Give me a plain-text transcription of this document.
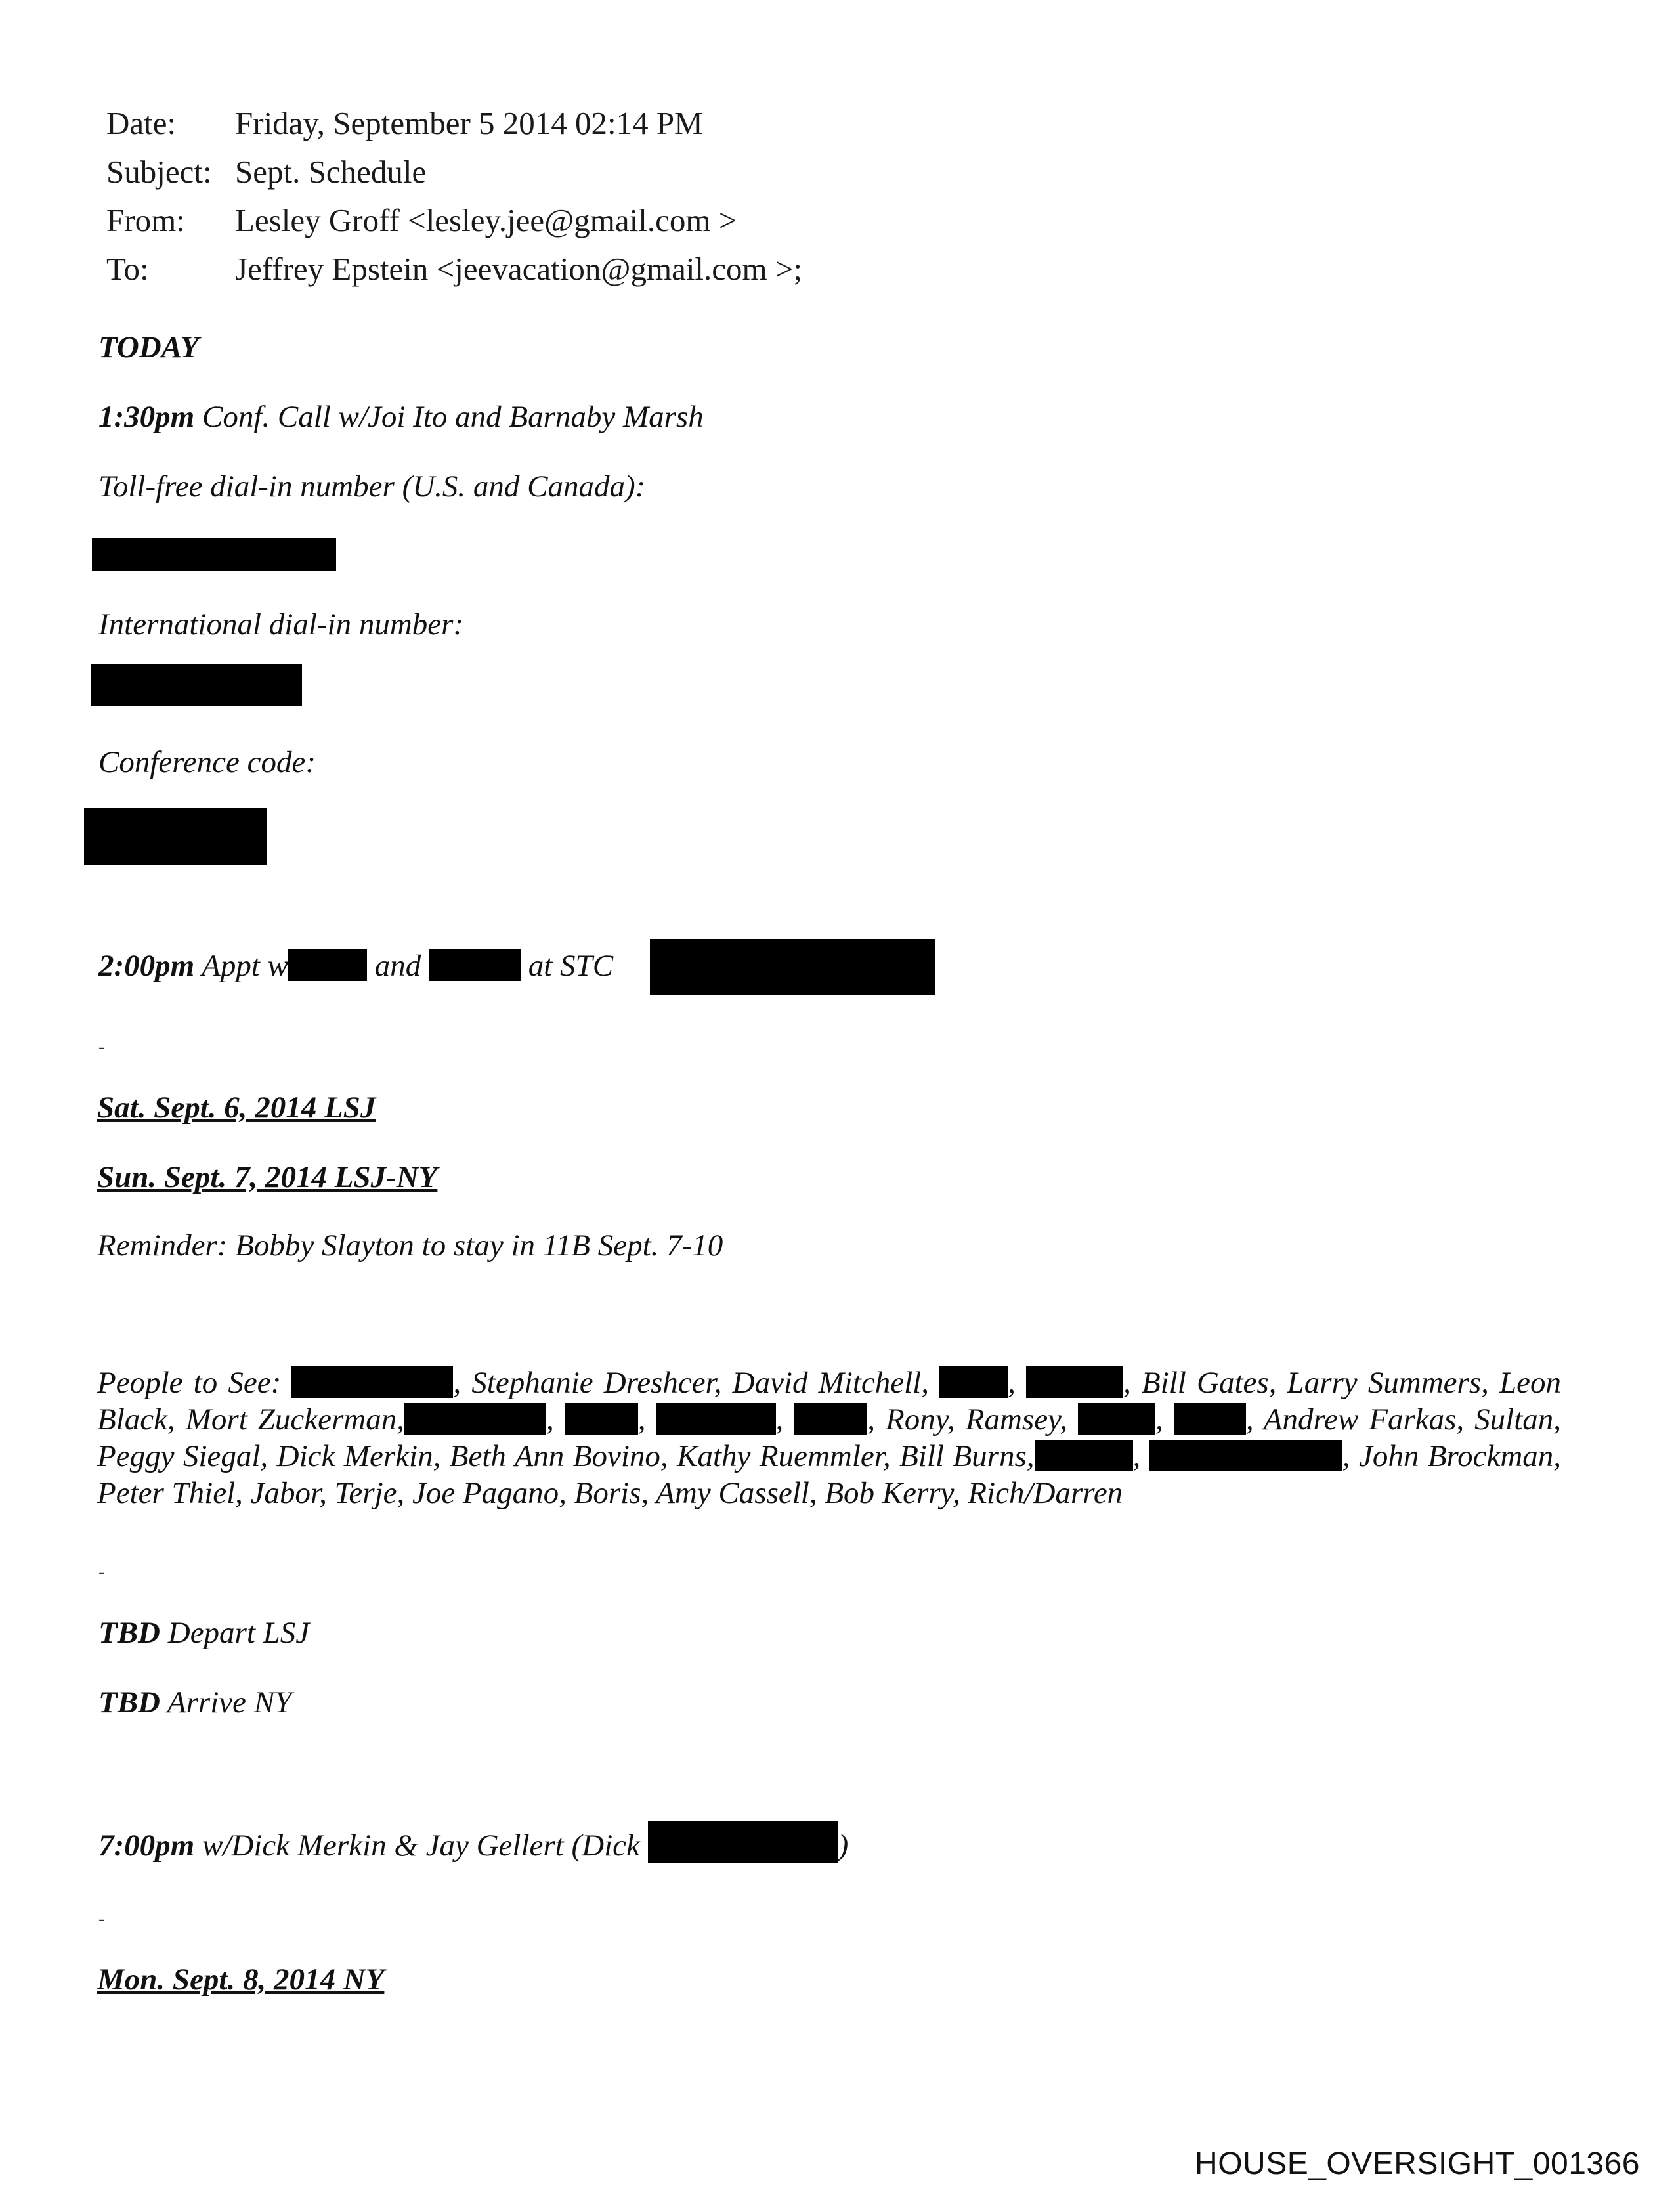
Date: Friday, September 5 2014 02:14 PM
Subject: Sept. Schedule
From: Lesley Groff <lesley.jee@gmail.com >
To:	Jeffrey Epstein <jeevacation@gmail.com >;
TODAY
1:30pm Conf. Call w/Joi Ito and Barnaby Marsh
Toll-free dial-in number (U.S. and Canada):
International dial-in number:
Conference code:
2:00pm Appt w	and	at STC
-
Sat. Sept. 6, 2014 LSJ
Sun. Sept. 7, 2014 LSJ-NY
Reminder: Bobby Slayton to stay in 11B Sept. 7-10
People to See:	, Stephanie Dreshcer, David Mitchell, ,	, Bill Gates, Larry Summers, Leon Black, Mort Zuckerman,	, ,	, , Rony, Ramsey,	, , Andrew Farkas, Sultan, Peggy Siegal, Dick Merkin, Beth Ann Bovino, Kathy Ruemmler, Bill Burns,	,	, John Brockman, Peter Thiel, Jabor, Terje, Joe Pagano, Boris, Amy Cassell, Bob Kerry, Rich/Darren
-
TBD Depart LSJ
TBD Arrive NY
7:00pm w/Dick Merkin & Jay Gellert (Dick	)
-
Mon. Sept. 8, 2014 NY
HOUSE_OVERSIGHT_001366
